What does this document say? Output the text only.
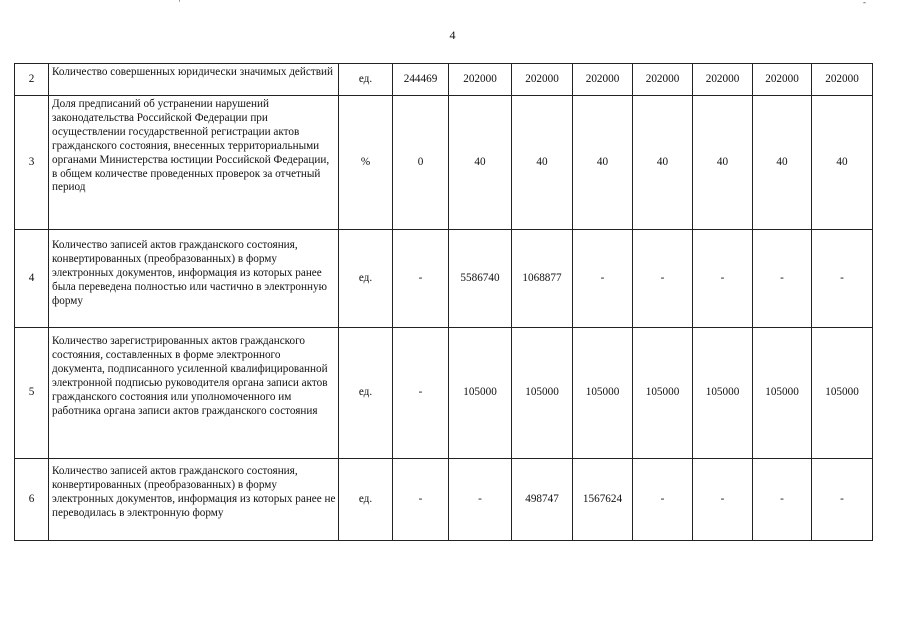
4
·	-
2	Количество совершенных юридически значимых действий	ед.	244469	202000	202000	202000	202000	202000	202000	202000
3	Доля предписаний об устранении нарушений законодательства Российской Федерации при осуществлении государственной регистрации актов гражданского состояния, внесенных территориальными органами Министерства юстиции Российской Федерации, в общем количестве проведенных проверок за отчетный период	%	0	40	40	40	40	40	40	40
4	Количество записей актов гражданского состояния, конвертированных (преобразованных) в форму электронных документов, информация из которых ранее была переведена полностью или частично в электронную форму	ед.	-	5586740	1068877	-	-	-	-	-
5	Количество зарегистрированных актов гражданского состояния, составленных в форме электронного документа, подписанного усиленной квалифицированной электронной подписью руководителя органа записи актов гражданского состояния или уполномоченного им работника органа записи актов гражданского состояния	ед.	-	105000	105000	105000	105000	105000	105000	105000
6	Количество записей актов гражданского состояния, конвертированных (преобразованных) в форму электронных документов, информация из которых ранее не переводилась в электронную форму	ед.	-	-	498747	1567624	-	-	-	-
